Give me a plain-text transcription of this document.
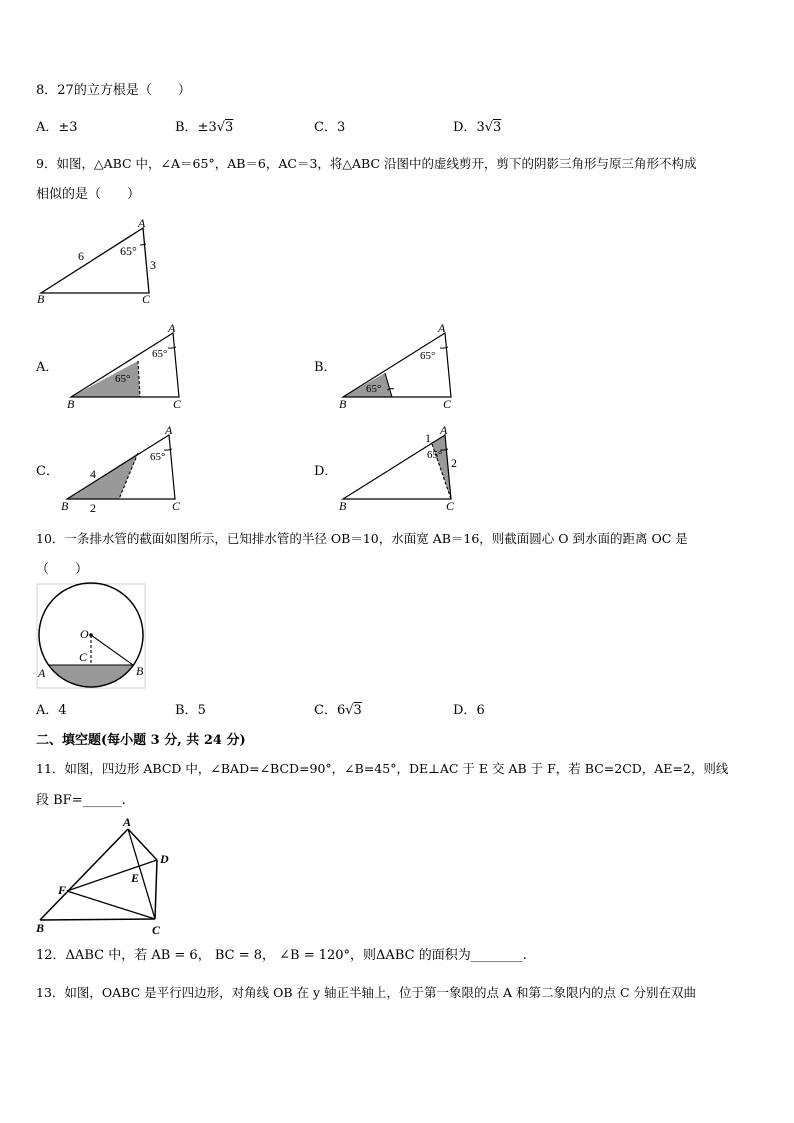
8．27的立方根是（　　）
A．±3	B．±3√3	C．3	D．3√3
9．如图，△ABC 中，∠A＝65°，AB＝6，AC＝3，将△ABC 沿图中的虚线剪开，剪下的阴影三角形与原三角形不构成
相似的是（　　）
A
B	C
6
3
65°
A．
A
B	C
65°
65°
B．
A
B	C
65°
65°
C．
A
B	C
65°
4
2
D．
A
B	C
65°
1
2
10．一条排水管的截面如图所示，已知排水管的半径 OB＝10，水面宽 AB＝16，则截面圆心 O 到水面的距离 OC 是
（　　）
O
C
A	B
A．4	B．5	C．6√3	D．6
二、填空题(每小题 3 分, 共 24 分)
11．如图，四边形 ABCD 中，∠BAD=∠BCD=90°，∠B=45°，DE⊥AC 于 E 交 AB 于 F，若 BC=2CD，AE=2，则线
段 BF=______.
A
B	C
D
E
F
12．ΔABC 中，若 AB = 6， BC = 8， ∠B = 120°，则ΔABC 的面积为________.
13．如图，OABC 是平行四边形，对角线 OB 在 y 轴正半轴上，位于第一象限的点 A 和第二象限内的点 C 分别在双曲
